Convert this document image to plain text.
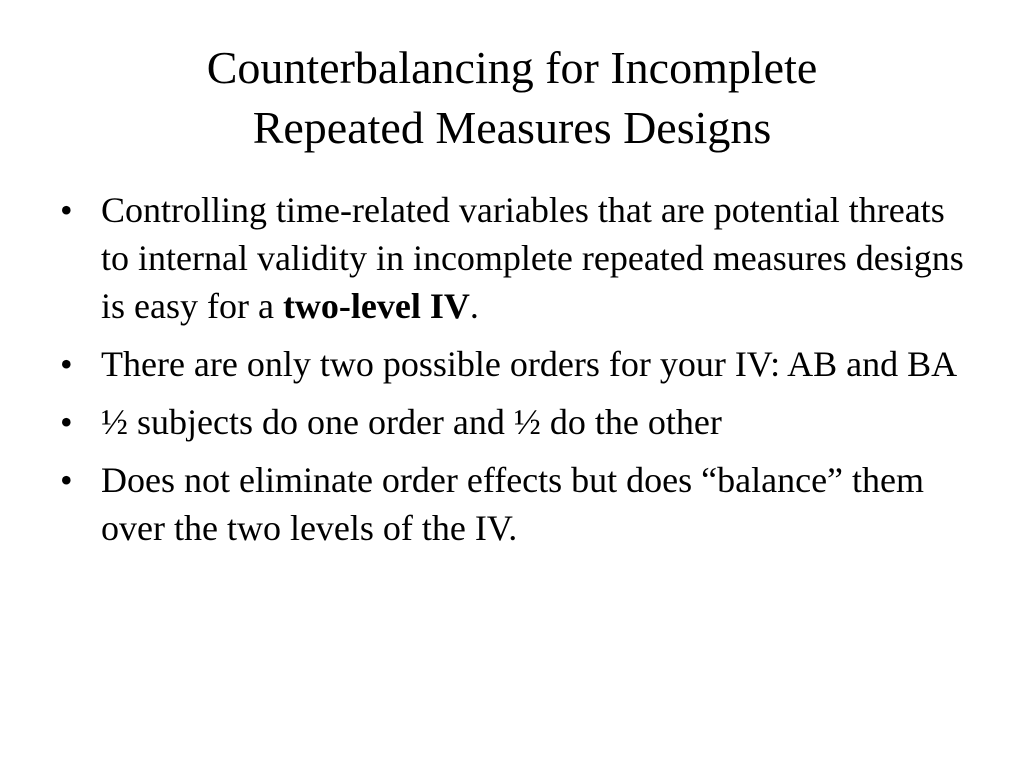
Counterbalancing for Incomplete
Repeated Measures Designs
• Controlling time-related variables that are potential threats to internal validity in incomplete repeated measures designs is easy for a two-level IV.
• There are only two possible orders for your IV: AB and BA
• ½ subjects do one order and ½ do the other
• Does not eliminate order effects but does “balance” them over the two levels of the IV.
